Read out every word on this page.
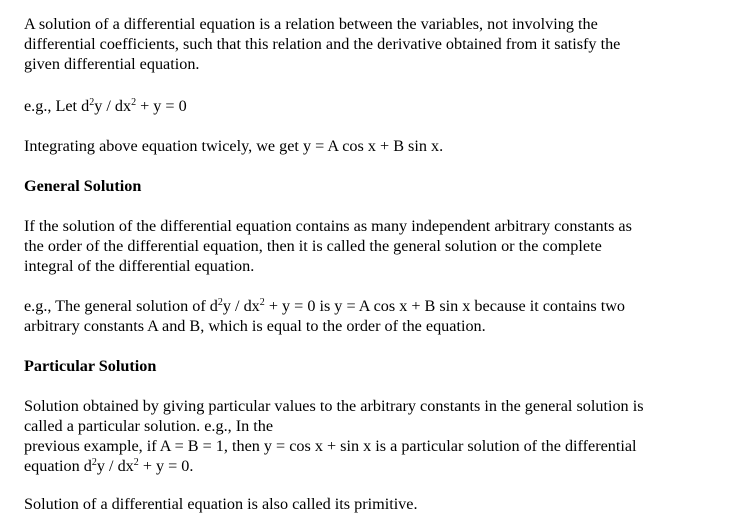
A solution of a differential equation is a relation between the variables, not involving the
differential coefficients, such that this relation and the derivative obtained from it satisfy the
given differential equation.
e.g., Let $d^2y / dx^2 + y = 0$
Integrating above equation twicely, we get y = A cos x + B sin x.
General Solution
If the solution of the differential equation contains as many independent arbitrary constants as
the order of the differential equation, then it is called the general solution or the complete
integral of the differential equation.
e.g., The general solution of $d^2y / dx^2 + y = 0$ is y = A cos x + B sin x because it contains two
arbitrary constants A and B, which is equal to the order of the equation.
Particular Solution
Solution obtained by giving particular values to the arbitrary constants in the general solution is
called a particular solution. e.g., In the
previous example, if A = B = 1, then y = cos x + sin x is a particular solution of the differential
equation $d^2y / dx^2 + y = 0$.
Solution of a differential equation is also called its primitive.
